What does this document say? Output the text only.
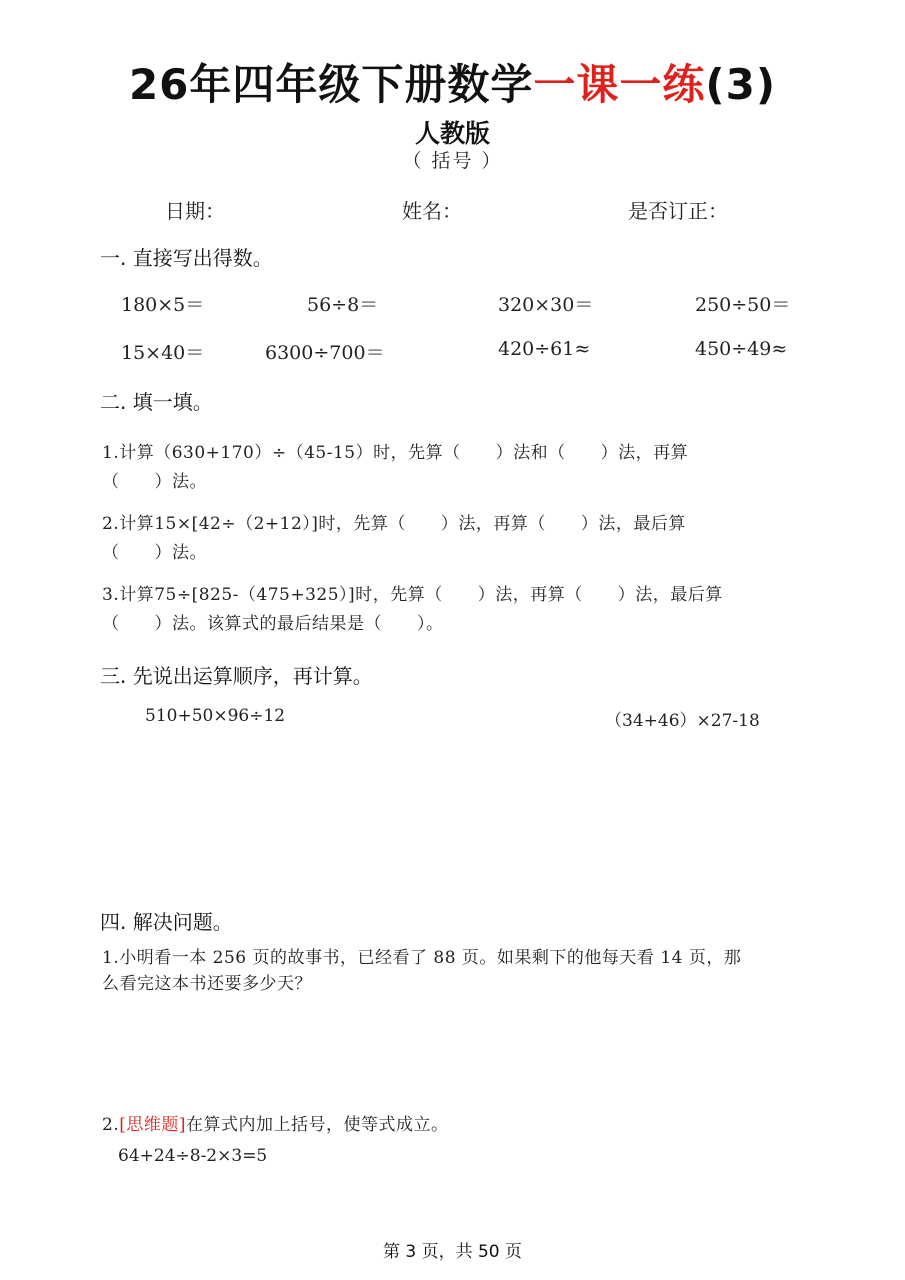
26年四年级下册数学一课一练(3)
人教版
（ 括号 ）
日期：	姓名：	是否订正：
一. 直接写出得数。
180×5＝	56÷8＝	320×30＝	250÷50＝
15×40＝	6300÷700＝	420÷61≈	450÷49≈
二. 填一填。
1.计算（630+170）÷（45-15）时，先算（　　）法和（　　）法，再算
（　　）法。
2.计算15×[42÷（2+12）]时，先算（　　）法，再算（　　）法，最后算
（　　）法。
3.计算75÷[825-（475+325）]时，先算（　　）法，再算（　　）法，最后算
（　　）法。该算式的最后结果是（　　）。
三. 先说出运算顺序，再计算。
510+50×96÷12	（34+46）×27-18
四. 解决问题。
1.小明看一本 256 页的故事书，已经看了 88 页。如果剩下的他每天看 14 页，那
么看完这本书还要多少天？
2.[思维题]在算式内加上括号，使等式成立。
64+24÷8-2×3=5
第 3 页，共 50 页
